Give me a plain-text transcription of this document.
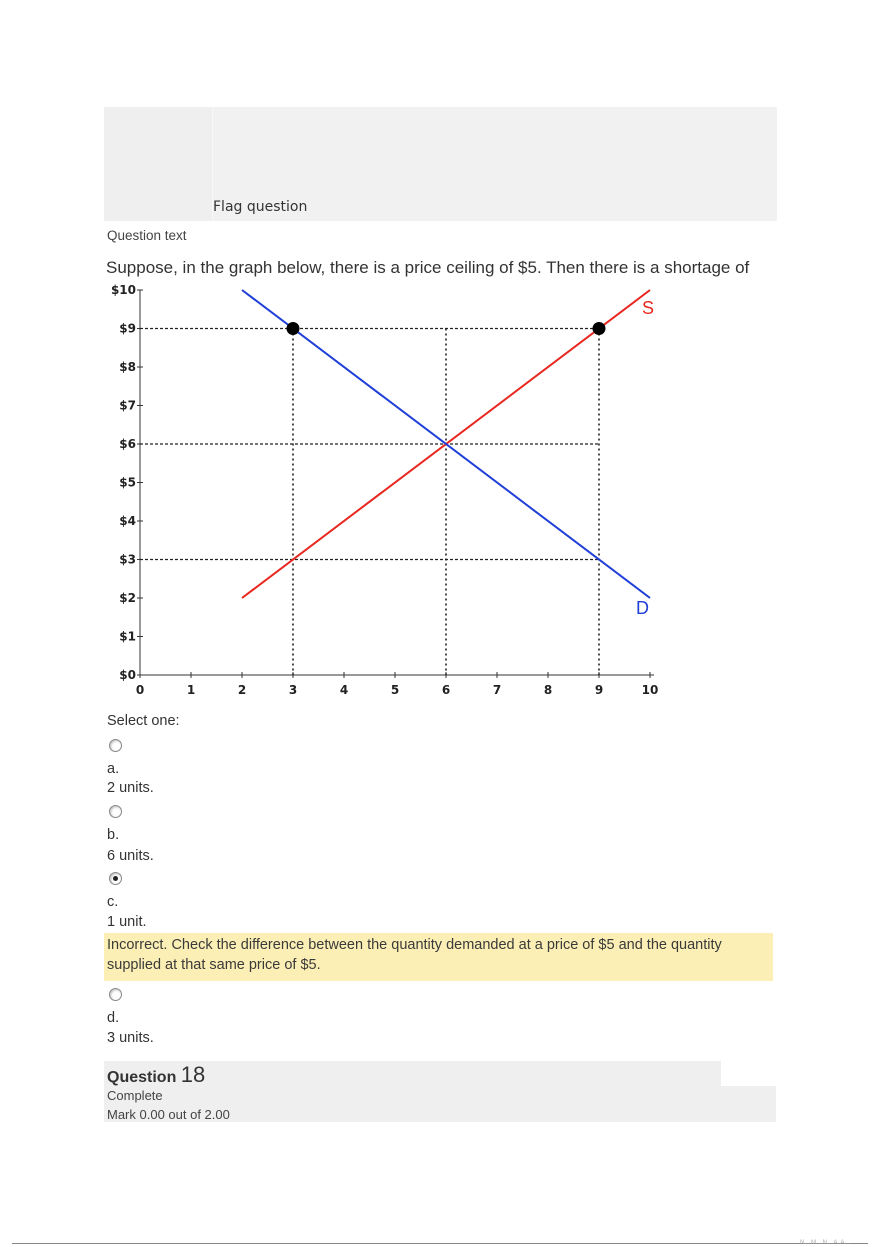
Flag question
Question text
Suppose, in the graph below, there is a price ceiling of $5. Then there is a shortage of
$0
$1
$2
$3
$4
$5
$6
$7
$8
$9
$10
0	1	2	3	4	5	6	7	8	9	10
S
D
Select one:
a.
2 units.
b.
6 units.
c.
1 unit.
Incorrect. Check the difference between the quantity demanded at a price of $5 and the quantity supplied at that same price of $5.
d.
3 units.
Question 18
Complete
Mark 0.00 out of 2.00
N... M... N... A. A...
